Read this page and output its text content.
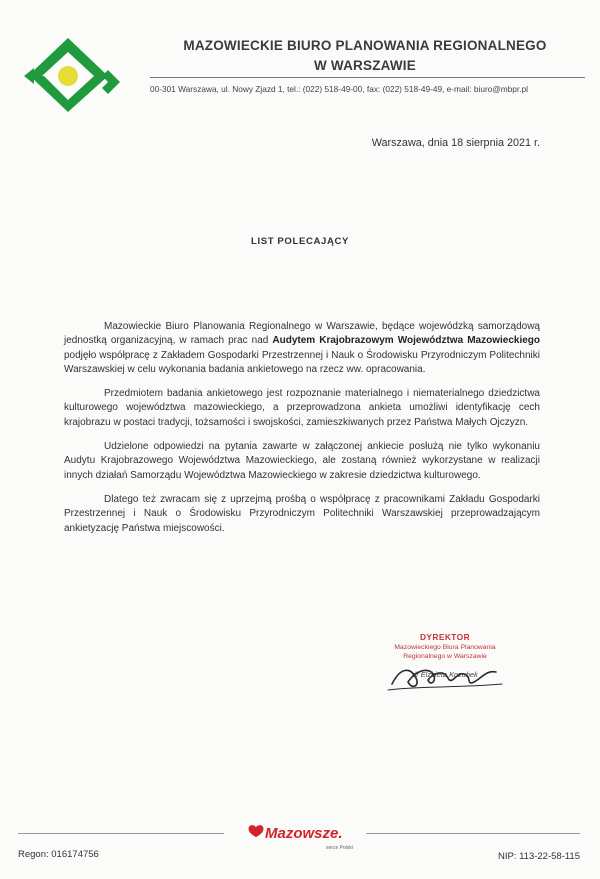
MAZOWIECKIE BIURO PLANOWANIA REGIONALNEGO
W WARSZAWIE
00-301 Warszawa, ul. Nowy Zjazd 1, tel.: (022) 518-49-00, fax: (022) 518-49-49, e-mail: biuro@mbpr.pl
Warszawa, dnia 18 sierpnia 2021 r.
LIST POLECAJĄCY

Mazowieckie Biuro Planowania Regionalnego w Warszawie, będące wojewódzką samorządową jednostką organizacyjną, w ramach prac nad Audytem Krajobrazowym Województwa Mazowieckiego podjęło współpracę z Zakładem Gospodarki Przestrzennej i Nauk o Środowisku Przyrodniczym Politechniki Warszawskiej w celu wykonania badania ankietowego na rzecz ww. opracowania.

Przedmiotem badania ankietowego jest rozpoznanie materialnego i niematerialnego dziedzictwa kulturowego województwa mazowieckiego, a przeprowadzona ankieta umożliwi identyfikację cech krajobrazu w postaci tradycji, tożsamości i swojskości, zamieszkiwanych przez Państwa Małych Ojczyzn.

Udzielone odpowiedzi na pytania zawarte w załączonej ankiecie posłużą nie tylko wykonaniu Audytu Krajobrazowego Województwa Mazowieckiego, ale zostaną również wykorzystane w realizacji innych działań Samorządu Województwa Mazowieckiego w zakresie dziedzictwa kulturowego.

Dlatego też zwracam się z uprzejmą prośbą o współpracę z pracownikami Zakładu Gospodarki Przestrzennej i Nauk o Środowisku Przyrodniczym Politechniki Warszawskiej przeprowadzającym ankietyzację Państwa miejscowości.

DYREKTOR
Mazowieckiego Biura Planowania
Regionalnego w Warszawie
dr Elżbieta Kozubek
Mazowsze.
serce Polski
Regon: 016174756	NIP: 113-22-58-115
